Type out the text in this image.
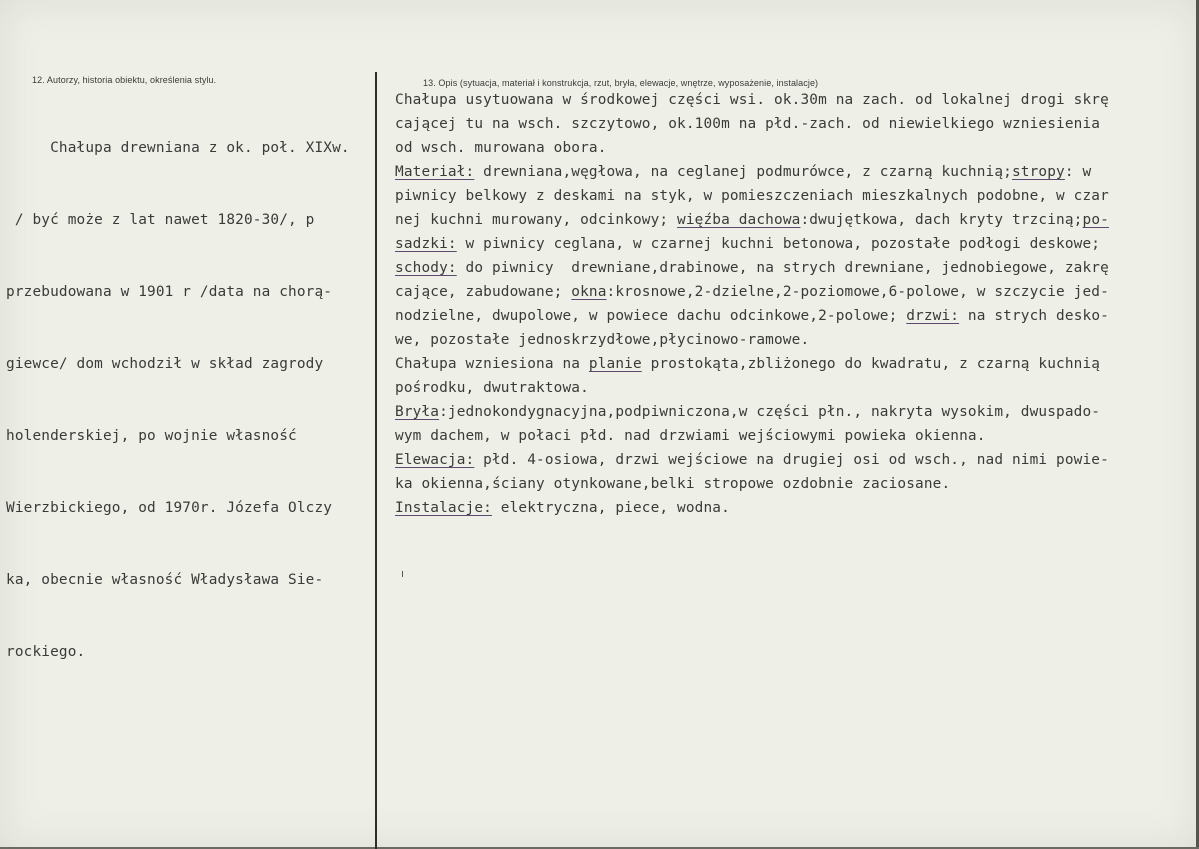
12. Autorzy, historia obiektu, określenia stylu.	13. Opis (sytuacja, materiał i konstrukcja, rzut, bryła, elewacje, wnętrze, wyposażenie, instalacje)

Chałupa drewniana z ok. poł. XIXw.

/ być może z lat nawet 1820-30/, p

przebudowana w 1901 r /data na chorą-

giewce/ dom wchodził w skład zagrody

holenderskiej, po wojnie własność

Wierzbickiego, od 1970r. Józefa Olczy

ka, obecnie własność Władysława Sie-

rockiego.

Chałupa usytuowana w środkowej części wsi. ok.30m na zach. od lokalnej drogi skrę
cającej tu na wsch. szczytowo, ok.100m na płd.-zach. od niewielkiego wzniesienia
od wsch. murowana obora.
Materiał: drewniana,węgłowa, na ceglanej podmurówce, z czarną kuchnią;stropy: w
piwnicy belkowy z deskami na styk, w pomieszczeniach mieszkalnych podobne, w czar
nej kuchni murowany, odcinkowy; więźba dachowa:dwujętkowa, dach kryty trzciną;po-
sadzki: w piwnicy ceglana, w czarnej kuchni betonowa, pozostałe podłogi deskowe;
schody: do piwnicy  drewniane,drabinowe, na strych drewniane, jednobiegowe, zakrę
cające, zabudowane; okna:krosnowe,2-dzielne,2-poziomowe,6-polowe, w szczycie jed-
nodzielne, dwupolowe, w powiece dachu odcinkowe,2-polowe; drzwi: na strych desko-
we, pozostałe jednoskrzydłowe,płycinowo-ramowe.
Chałupa wzniesiona na planie prostokąta,zbliżonego do kwadratu, z czarną kuchnią
pośrodku, dwutraktowa.
Bryła:jednokondygnacyjna,podpiwniczona,w części płn., nakryta wysokim, dwuspado-
wym dachem, w połaci płd. nad drzwiami wejściowymi powieka okienna.
Elewacja: płd. 4-osiowa, drzwi wejściowe na drugiej osi od wsch., nad nimi powie-
ka okienna,ściany otynkowane,belki stropowe ozdobnie zaciosane.
Instalacje: elektryczna, piece, wodna.
